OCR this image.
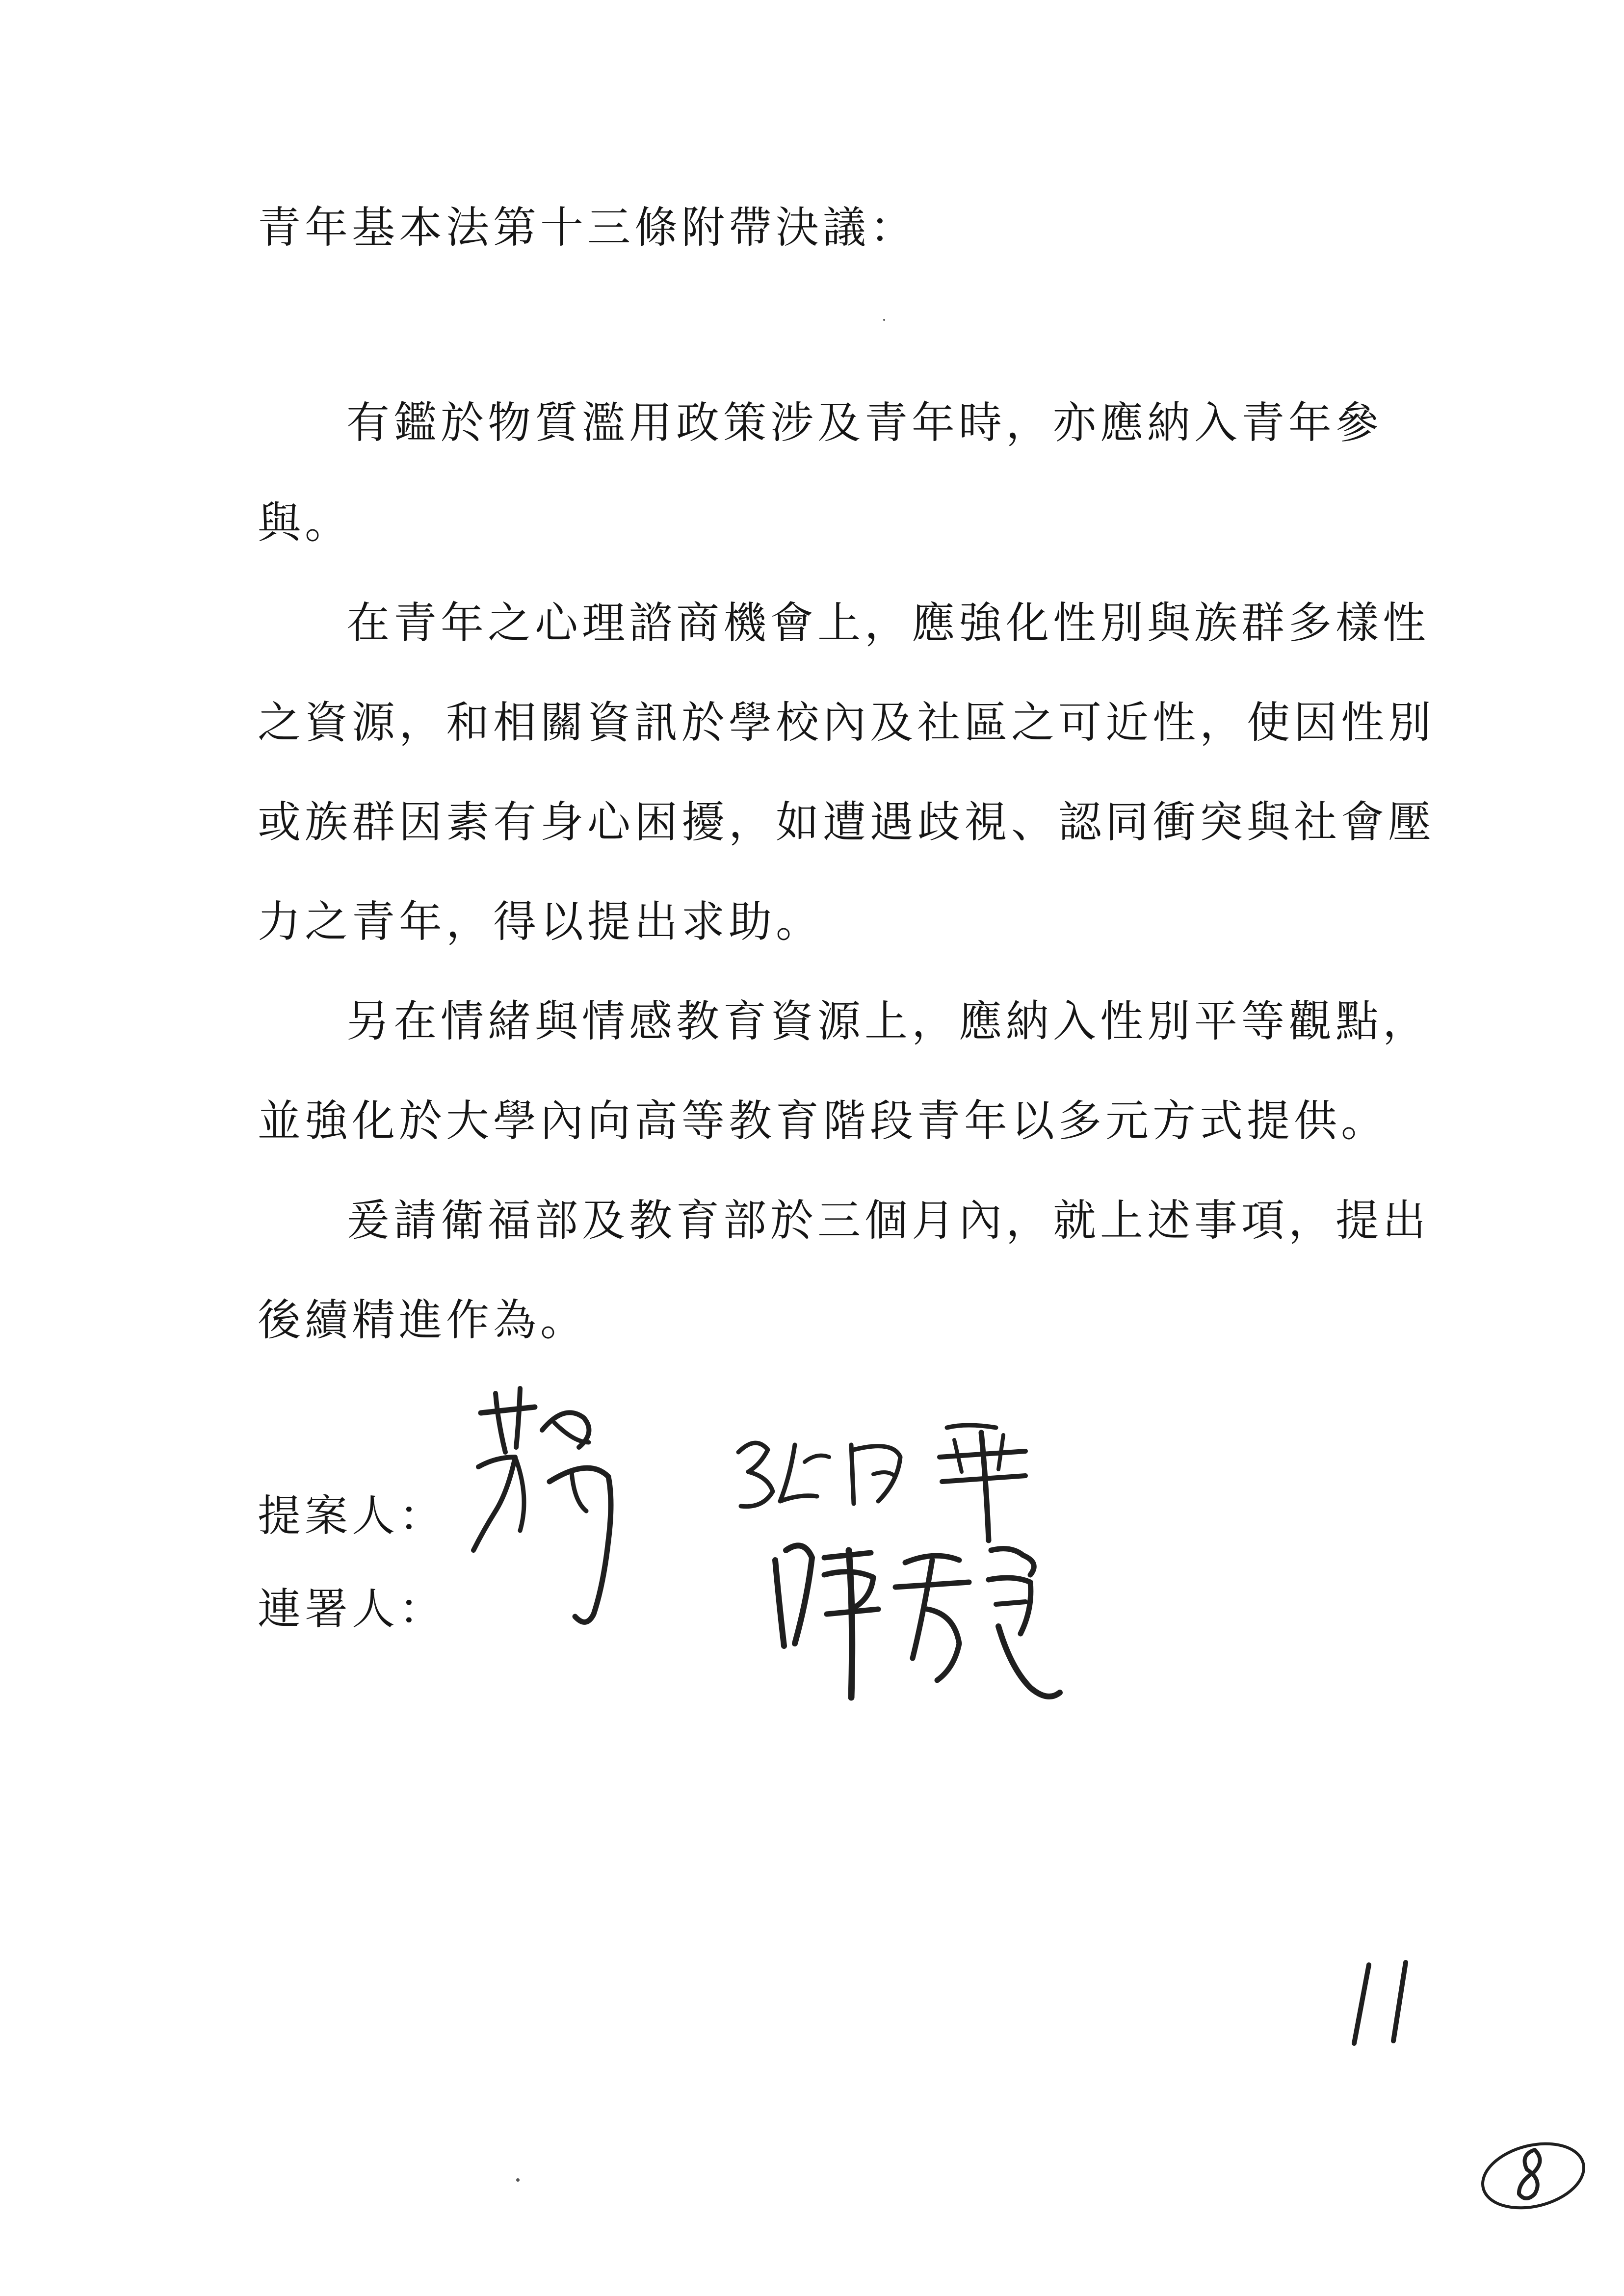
青年基本法第十三條附帶決議：
有鑑於物質濫用政策涉及青年時，亦應納入青年參
與。
在青年之心理諮商機會上，應強化性別與族群多樣性
之資源，和相關資訊於學校內及社區之可近性，使因性別
或族群因素有身心困擾，如遭遇歧視、認同衝突與社會壓
力之青年，得以提出求助。
另在情緒與情感教育資源上，應納入性別平等觀點，
並強化於大學內向高等教育階段青年以多元方式提供。
爰請衛福部及教育部於三個月內，就上述事項，提出
後續精進作為。
提案人：
連署人：
